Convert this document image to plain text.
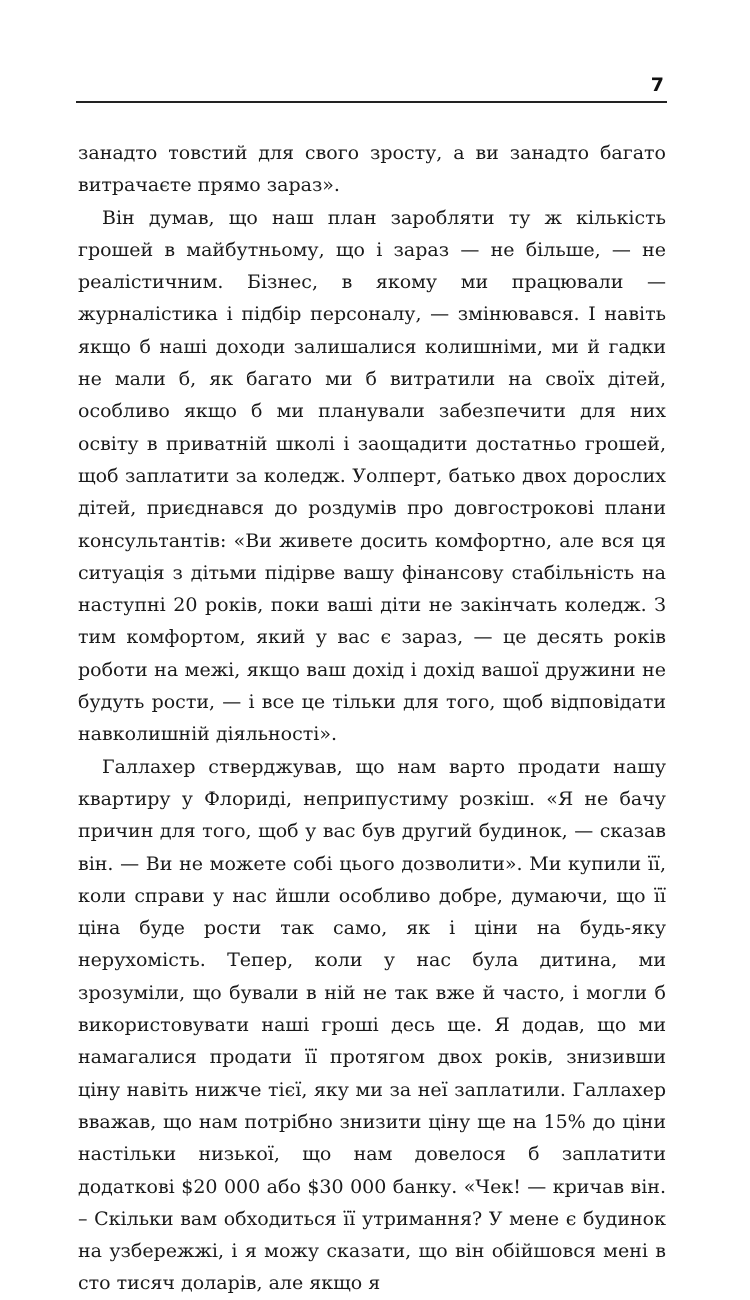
7

занадто товстий для свого зросту, а ви занадто багато витрачаєте прямо зараз».

Він думав, що наш план заробляти ту ж кількість грошей в майбутньому, що і зараз — не більше, — не реалістичним. Бізнес, в якому ми працювали — журналістика і підбір персоналу, — змінювався. І навіть якщо б наші доходи залишалися колишніми, ми й гадки не мали б, як багато ми б витратили на своїх дітей, особливо якщо б ми планували забезпечити для них освіту в приватній школі і заощадити достатньо грошей, щоб заплатити за коледж. Уолперт, батько двох дорослих дітей, приєднався до роздумів про довгострокові плани консультантів: «Ви живете досить комфортно, але вся ця ситуація з дітьми підірве вашу фінансову стабільність на наступні 20 років, поки ваші діти не закінчать коледж. З тим комфортом, який у вас є зараз, — це десять років роботи на межі, якщо ваш дохід і дохід вашої дружини не будуть рости, — і все це тільки для того, щоб відповідати навколишній діяльності».

Галлахер стверджував, що нам варто продати нашу квартиру у Флориді, неприпустиму розкіш. «Я не бачу причин для того, щоб у вас був другий будинок, — сказав він. — Ви не можете собі цього дозволити». Ми купили її, коли справи у нас йшли особливо добре, думаючи, що її ціна буде рости так само, як і ціни на будь-яку нерухомість. Тепер, коли у нас була дитина, ми зрозуміли, що бували в ній не так вже й часто, і могли б використовувати наші гроші десь ще. Я додав, що ми намагалися продати її протягом двох років, знизивши ціну навіть нижче тієї, яку ми за неї заплатили. Галлахер вважав, що нам потрібно знизити ціну ще на 15% до ціни настільки низької, що нам довелося б заплатити додаткові $20 000 або $30 000 банку. «Чек! — кричав він. – Скільки вам обходиться її утримання? У мене є будинок на узбережжі, і я можу сказати, що він обійшовся мені в сто тисяч доларів, але якщо я
